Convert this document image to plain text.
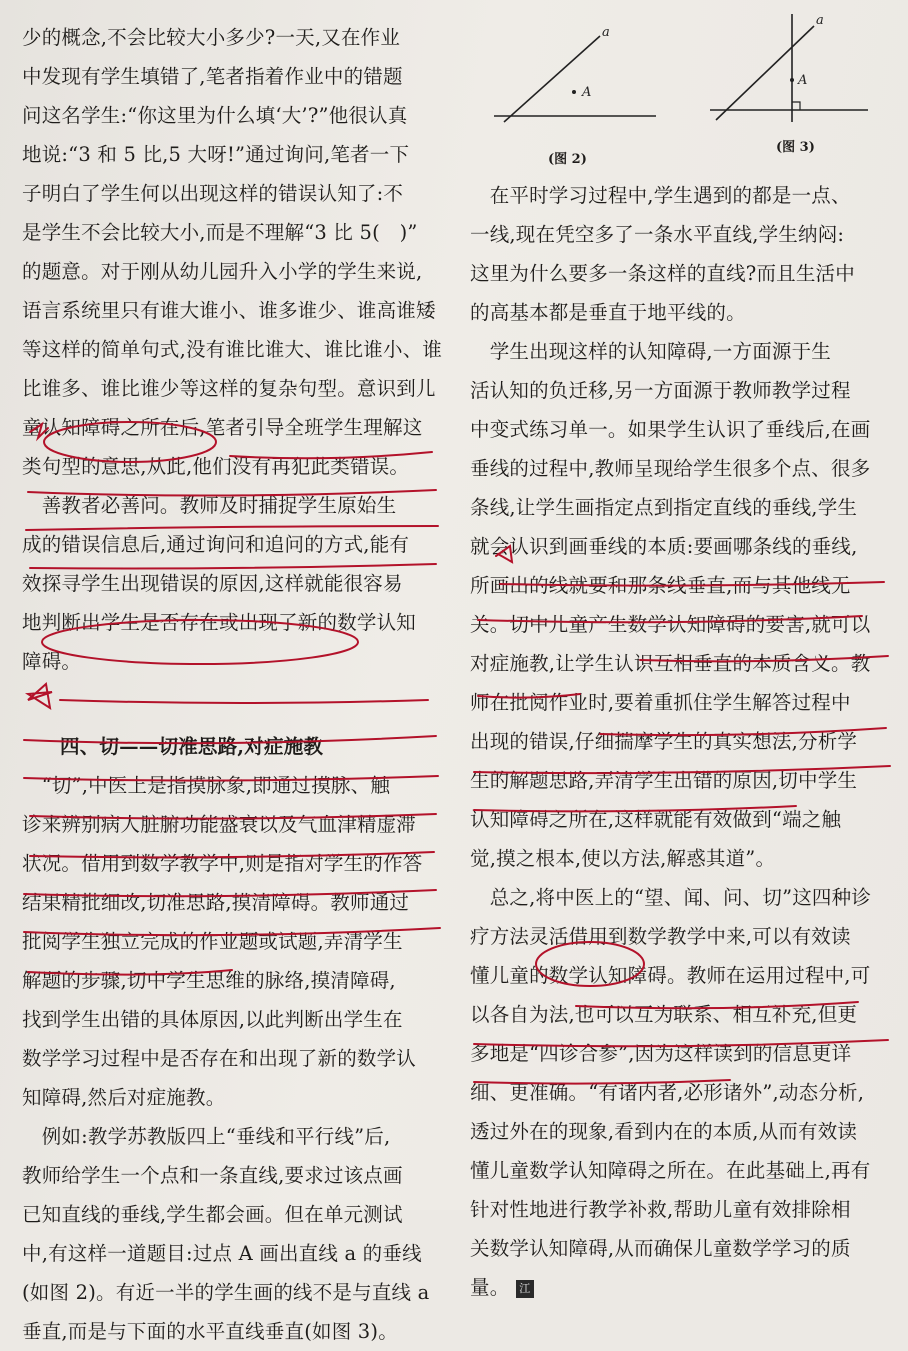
少的概念,不会比较大小多少?一天,又在作业
中发现有学生填错了,笔者指着作业中的错题
问这名学生:“你这里为什么填‘大’?”他很认真
地说:“3 和 5 比,5 大呀!”通过询问,笔者一下
子明白了学生何以出现这样的错误认知了:不
是学生不会比较大小,而是不理解“3 比 5(　)”
的题意。对于刚从幼儿园升入小学的学生来说,
语言系统里只有谁大谁小、谁多谁少、谁高谁矮
等这样的简单句式,没有谁比谁大、谁比谁小、谁
比谁多、谁比谁少等这样的复杂句型。意识到儿
童认知障碍之所在后,笔者引导全班学生理解这
类句型的意思,从此,他们没有再犯此类错误。
　善教者必善问。教师及时捕捉学生原始生
成的错误信息后,通过询问和追问的方式,能有
效探寻学生出现错误的原因,这样就能很容易
地判断出学生是否存在或出现了新的数学认知
障碍。
四、切——切准思路,对症施教
　“切”,中医上是指摸脉象,即通过摸脉、触
诊来辨别病人脏腑功能盛衰以及气血津精虚滞
状况。借用到数学教学中,则是指对学生的作答
结果精批细改,切准思路,摸清障碍。教师通过
批阅学生独立完成的作业题或试题,弄清学生
解题的步骤,切中学生思维的脉络,摸清障碍,
找到学生出错的具体原因,以此判断出学生在
数学学习过程中是否存在和出现了新的数学认
知障碍,然后对症施教。
　例如:教学苏教版四上“垂线和平行线”后,
教师给学生一个点和一条直线,要求过该点画
已知直线的垂线,学生都会画。但在单元测试
中,有这样一道题目:过点 A 画出直线 a 的垂线
(如图 2)。有近一半的学生画的线不是与直线 a
垂直,而是与下面的水平直线垂直(如图 3)。
a
A
a
A
(图 2)
(图 3)
　在平时学习过程中,学生遇到的都是一点、
一线,现在凭空多了一条水平直线,学生纳闷:
这里为什么要多一条这样的直线?而且生活中
的高基本都是垂直于地平线的。
　学生出现这样的认知障碍,一方面源于生
活认知的负迁移,另一方面源于教师教学过程
中变式练习单一。如果学生认识了垂线后,在画
垂线的过程中,教师呈现给学生很多个点、很多
条线,让学生画指定点到指定直线的垂线,学生
就会认识到画垂线的本质:要画哪条线的垂线,
所画出的线就要和那条线垂直,而与其他线无
关。切中儿童产生数学认知障碍的要害,就可以
对症施教,让学生认识互相垂直的本质含义。教
师在批阅作业时,要着重抓住学生解答过程中
出现的错误,仔细揣摩学生的真实想法,分析学
生的解题思路,弄清学生出错的原因,切中学生
认知障碍之所在,这样就能有效做到“端之触
觉,摸之根本,使以方法,解惑其道”。
　总之,将中医上的“望、闻、问、切”这四种诊
疗方法灵活借用到数学教学中来,可以有效读
懂儿童的数学认知障碍。教师在运用过程中,可
以各自为法,也可以互为联系、相互补充,但更
多地是“四诊合参”,因为这样读到的信息更详
细、更准确。“有诸内者,必形诸外”,动态分析,
透过外在的现象,看到内在的本质,从而有效读
懂儿童数学认知障碍之所在。在此基础上,再有
针对性地进行教学补救,帮助儿童有效排除相
关数学认知障碍,从而确保儿童数学学习的质
量。 江
